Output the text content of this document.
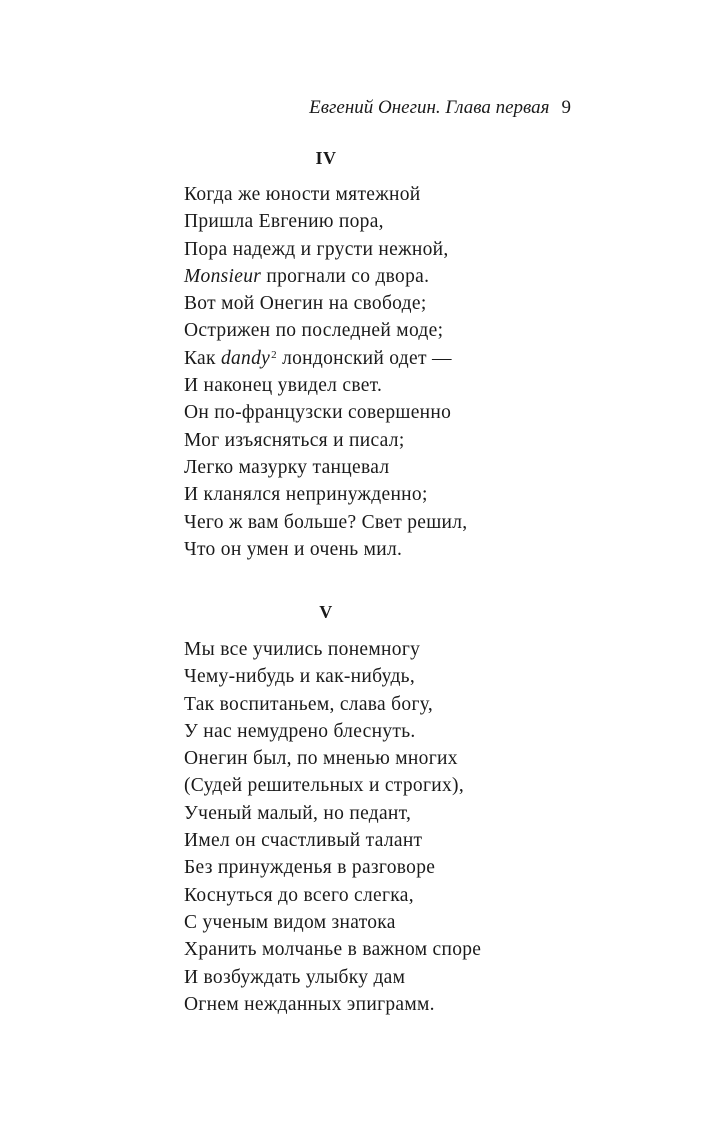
Евгений Онегин. Глава первая 9
IV
Когда же юности мятежной
Пришла Евгению пора,
Пора надежд и грусти нежной,
Monsieur прогнали со двора.
Вот мой Онегин на свободе;
Острижен по последней моде;
Как dandy$^2$ лондонский одет —
И наконец увидел свет.
Он по-французски совершенно
Мог изъясняться и писал;
Легко мазурку танцевал
И кланялся непринужденно;
Чего ж вам больше? Свет решил,
Что он умен и очень мил.
V
Мы все учились понемногу
Чему-нибудь и как-нибудь,
Так воспитаньем, слава богу,
У нас немудрено блеснуть.
Онегин был, по мненью многих
(Судей решительных и строгих),
Ученый малый, но педант,
Имел он счастливый талант
Без принужденья в разговоре
Коснуться до всего слегка,
С ученым видом знатока
Хранить молчанье в важном споре
И возбуждать улыбку дам
Огнем нежданных эпиграмм.
